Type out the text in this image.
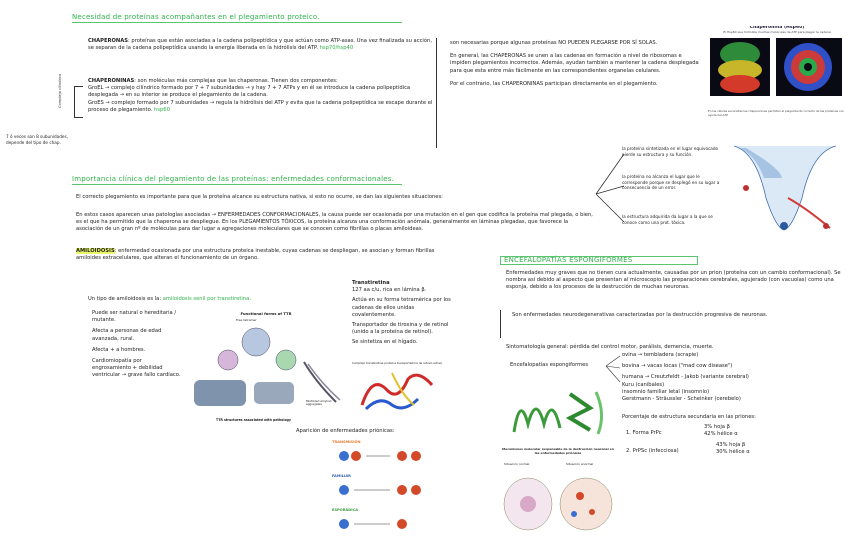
Necesidad de proteínas acompañantes en el plegamiento proteico.
CHAPERONAS: proteínas que están asociadas a la cadena polipeptídica y que actúan como ATP-asas. Una vez finalizada su acción, se separan de la cadena polipeptídica usando la energía liberada en la hidrólisis del ATP. hsp70/hsp40
CHAPERONINAS: son moléculas más complejas que las chaperonas. Tienen dos componentes:
GroEL → complejo cilíndrico formado por 7 + 7 subunidades → y hay 7 + 7 ATPs y en él se introduce la cadena polipeptídica desplegada → en su interior se produce el plegamiento de la cadena.
GroES → complejo formado por 7 subunidades → regula la hidrólisis del ATP y evita que la cadena polipeptídica se escape durante el proceso de plegamiento. hsp60
Complejo cilíndrico
7 ó veces son 8 subunidades, depende del tipo de chap.
son necesarias porque algunas proteínas NO PUEDEN PLEGARSE POR SÍ SOLAS.
En general, las CHAPERONAS se unen a las cadenas en formación a nivel de ribosomas e impiden plegamientos incorrectos. Además, ayudan también a mantener la cadena desplegada para que esta entre más fácilmente en las correspondientes organelas celulares.
Por el contrario, las CHAPERONINAS participan directamente en el plegamiento.
Chaperonina (Hsp60)
El Hsp60 que hidroliza muchas moléculas de ATP para plegar la cadena
En las células eucariotas las chaperoninas permiten el plegamiento correcto de las proteínas con ayuda del ATP.
Importancia clínica del plegamiento de las proteínas: enfermedades conformacionales.
El correcto plegamiento es importante para que la proteína alcance su estructura nativa, si esto no ocurre, se dan las siguientes situaciones:
En estos casos aparecen unas patologías asociadas → ENFERMEDADES CONFORMACIONALES, la causa puede ser ocasionada por una mutación en el gen que codifica la proteína mal plegada, o bien, es el que ha permitido que la chaperona se despliegue. En los PLEGAMIENTOS TÓXICOS, la proteína alcanza una conformación anómala, generalmente en láminas plegadas, que favorece la asociación de un gran nº de moléculas para dar lugar a agregaciones moleculares que se conocen como fibrillas o placas amiloideas.
la proteína sintetizada en el lugar equivocado pierde su estructura y su función.
la proteína no alcanza el lugar que le corresponde porque se desplegó en su lugar a consecuencia de un error.
la estructura adquirida da lugar a la que se conoce como una prot. tóxica.
AMILOIDOSIS: enfermedad ocasionada por una estructura proteica inestable, cuyas cadenas se despliegan, se asocian y forman fibrillas amiloides extracelulares, que alteran el funcionamiento de un órgano.
Un tipo de amiloidosis es la: amiloidosis senil por transtiretina.
Puede ser natural o hereditaria / mutante.
Afecta a personas de edad avanzada, rural.
Afecta + a hombres.
Cardiomiopatía por engrosamiento + debilidad ventricular → grave fallo cardíaco.
Functional forms of TTR
Free tetramer
Misfolded amyloid aggregates
TTR structures associated with pathology
Transtiretina
127 aa c/u, rica en lámina β.
Actúa en su forma tetramérica por los cadenas de ellos unidas covalentemente.
Transportador de tiroxina y de retinol (unido a la proteína de retinol).
Se sintetiza en el hígado.
Complejo transtiretina-proteína transportadora de retinol-retinol
Aparición de enfermedades priónicas:
TRANSMISIÓN
FAMILIAR
ESPORÁDICA
ENCEFALOPATÍAS ESPONGIFORMES
Enfermedades muy graves que no tienen cura actualmente, causadas por un prion (proteína con un cambio conformacional). Se nombra así debido al aspecto que presentan al microscopio las preparaciones cerebrales, agujerado (con vacuolas) como una esponja, debido a los procesos de la destrucción de muchas neuronas.
Son enfermedades neurodegenerativas caracterizadas por la destrucción progresiva de neuronas.
Sintomatología general: pérdida del control motor, parálisis, demencia, muerte.
Encefalopatías espongiformes
ovina → tembladera (scrapie)
bovina → vacas locas ("mad cow disease")
humana → Creutzfeldt - Jakob (variante cerebral)
Kuru (caníbales)
insomnio familiar letal (insomnio)
Gerstmann - Sträussler - Scheinker (cerebelo)
Porcentaje de estructura secundaria en las priones:
1. Forma PrPc
3% hoja β
42% hélice α
2. PrPSc (infecciosa)
43% hoja β
30% hélice α
Mecanismos molecular responsable de la destrucción neuronal en las enfermedades priónicas
Situación normal	Situación anormal
